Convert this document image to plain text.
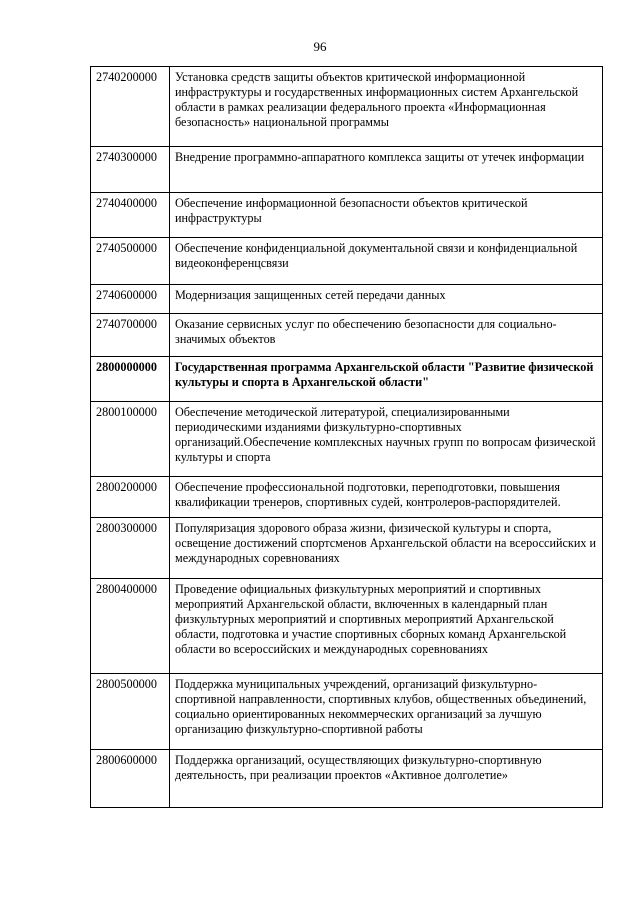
96
2740200000	Установка средств защиты объектов критической информационной инфраструктуры и государственных информационных систем Архангельской области в рамках реализации федерального проекта «Информационная безопасность» национальной программы
2740300000	Внедрение программно-аппаратного комплекса защиты от утечек информации
2740400000	Обеспечение информационной безопасности объектов критической инфраструктуры
2740500000	Обеспечение конфиденциальной документальной связи и конфиденциальной видеоконференцсвязи
2740600000	Модернизация защищенных сетей передачи данных
2740700000	Оказание сервисных услуг по обеспечению безопасности для социально-значимых объектов
2800000000	Государственная программа Архангельской области "Развитие физической культуры и спорта в Архангельской области"
2800100000	Обеспечение методической литературой, специализированными периодическими изданиями физкультурно-спортивных организаций.Обеспечение комплексных научных групп по вопросам физической культуры и спорта
2800200000	Обеспечение профессиональной подготовки, переподготовки, повышения квалификации тренеров, спортивных судей, контролеров-распорядителей.
2800300000	Популяризация здорового образа жизни, физической культуры и спорта, освещение достижений спортсменов Архангельской области на всероссийских и международных соревнованиях
2800400000	Проведение официальных физкультурных мероприятий и спортивных мероприятий Архангельской области, включенных в календарный план физкультурных мероприятий и спортивных мероприятий Архангельской области, подготовка и участие спортивных сборных команд Архангельской области во всероссийских и международных соревнованиях
2800500000	Поддержка муниципальных учреждений, организаций физкультурно-спортивной направленности, спортивных клубов, общественных объединений, социально ориентированных некоммерческих организаций за лучшую организацию физкультурно-спортивной работы
2800600000	Поддержка организаций, осуществляющих физкультурно-спортивную деятельность, при реализации проектов «Активное долголетие»
